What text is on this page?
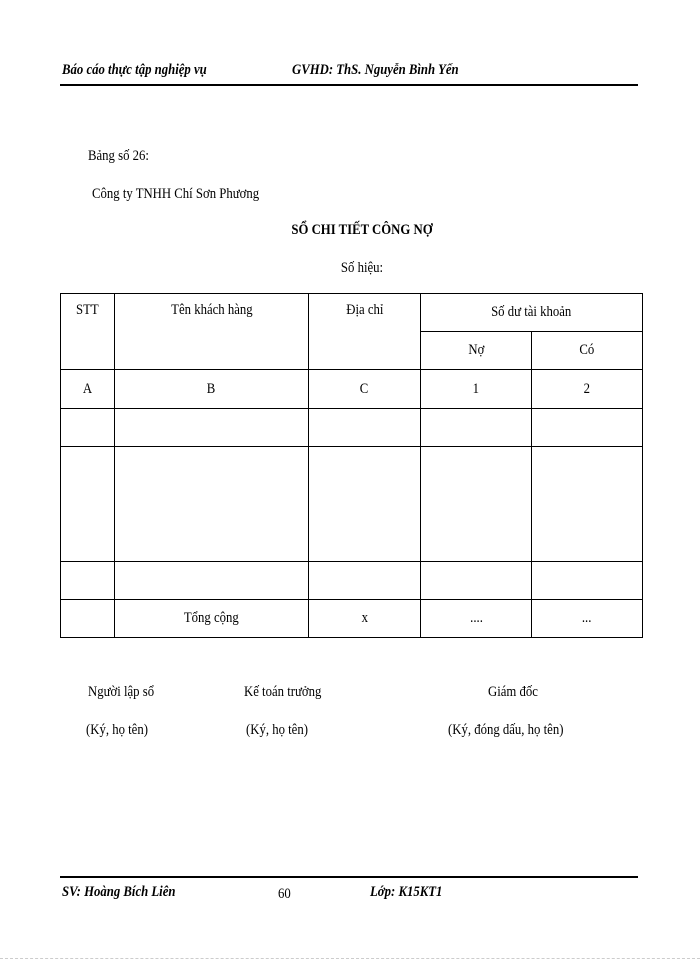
Báo cáo thực tập nghiệp vụ	GVHD: ThS. Nguyễn Bình Yến
Bảng số 26:
Công ty TNHH Chí Sơn Phương
SỔ CHI TIẾT CÔNG NỢ
Số hiệu:
STT	Tên khách hàng	Địa chỉ	Số dư tài khoản	
			Nợ	Có
A	B	C	1	2

	Tổng cộng	x	....	...
Người lập sổ
(Ký, họ tên)
Kế toán trưởng
(Ký, họ tên)
Giám đốc
(Ký, đóng dấu, họ tên)
SV: Hoàng Bích Liên	60	Lớp: K15KT1
